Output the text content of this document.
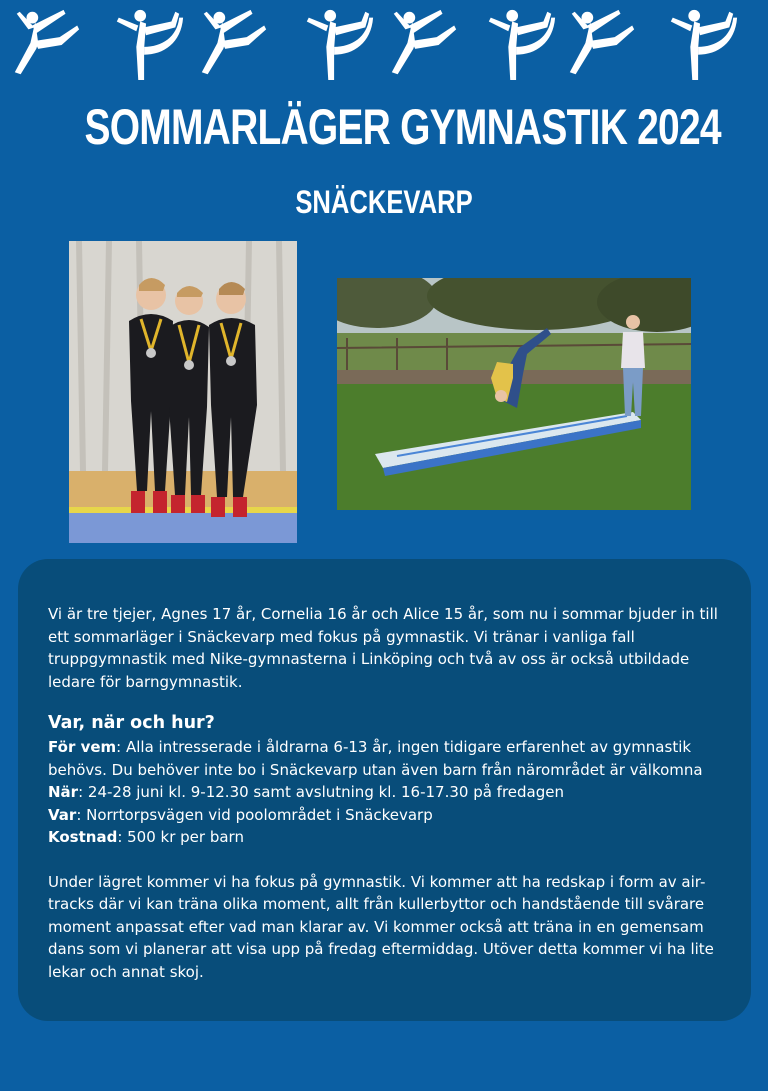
SOMMARLÄGER GYMNASTIK 2024
SNÄCKEVARP

Vi är tre tjejer, Agnes 17 år, Cornelia 16 år och Alice 15 år, som nu i sommar bjuder in till ett sommarläger i Snäckevarp med fokus på gymnastik. Vi tränar i vanliga fall truppgymnastik med Nike-gymnasterna i Linköping och två av oss är också utbildade ledare för barngymnastik.

Var, när och hur?

För vem: Alla intresserade i åldrarna 6-13 år, ingen tidigare erfarenhet av gymnastik behövs. Du behöver inte bo i Snäckevarp utan även barn från närområdet är välkomna

När: 24-28 juni kl. 9-12.30 samt avslutning kl. 16-17.30 på fredagen

Var: Norrtorpsvägen vid poolområdet i Snäckevarp

Kostnad: 500 kr per barn

Under lägret kommer vi ha fokus på gymnastik. Vi kommer att ha redskap i form av air-tracks där vi kan träna olika moment, allt från kullerbyttor och handstående till svårare moment anpassat efter vad man klarar av. Vi kommer också att träna in en gemensam dans som vi planerar att visa upp på fredag eftermiddag. Utöver detta kommer vi ha lite lekar och annat skoj.
